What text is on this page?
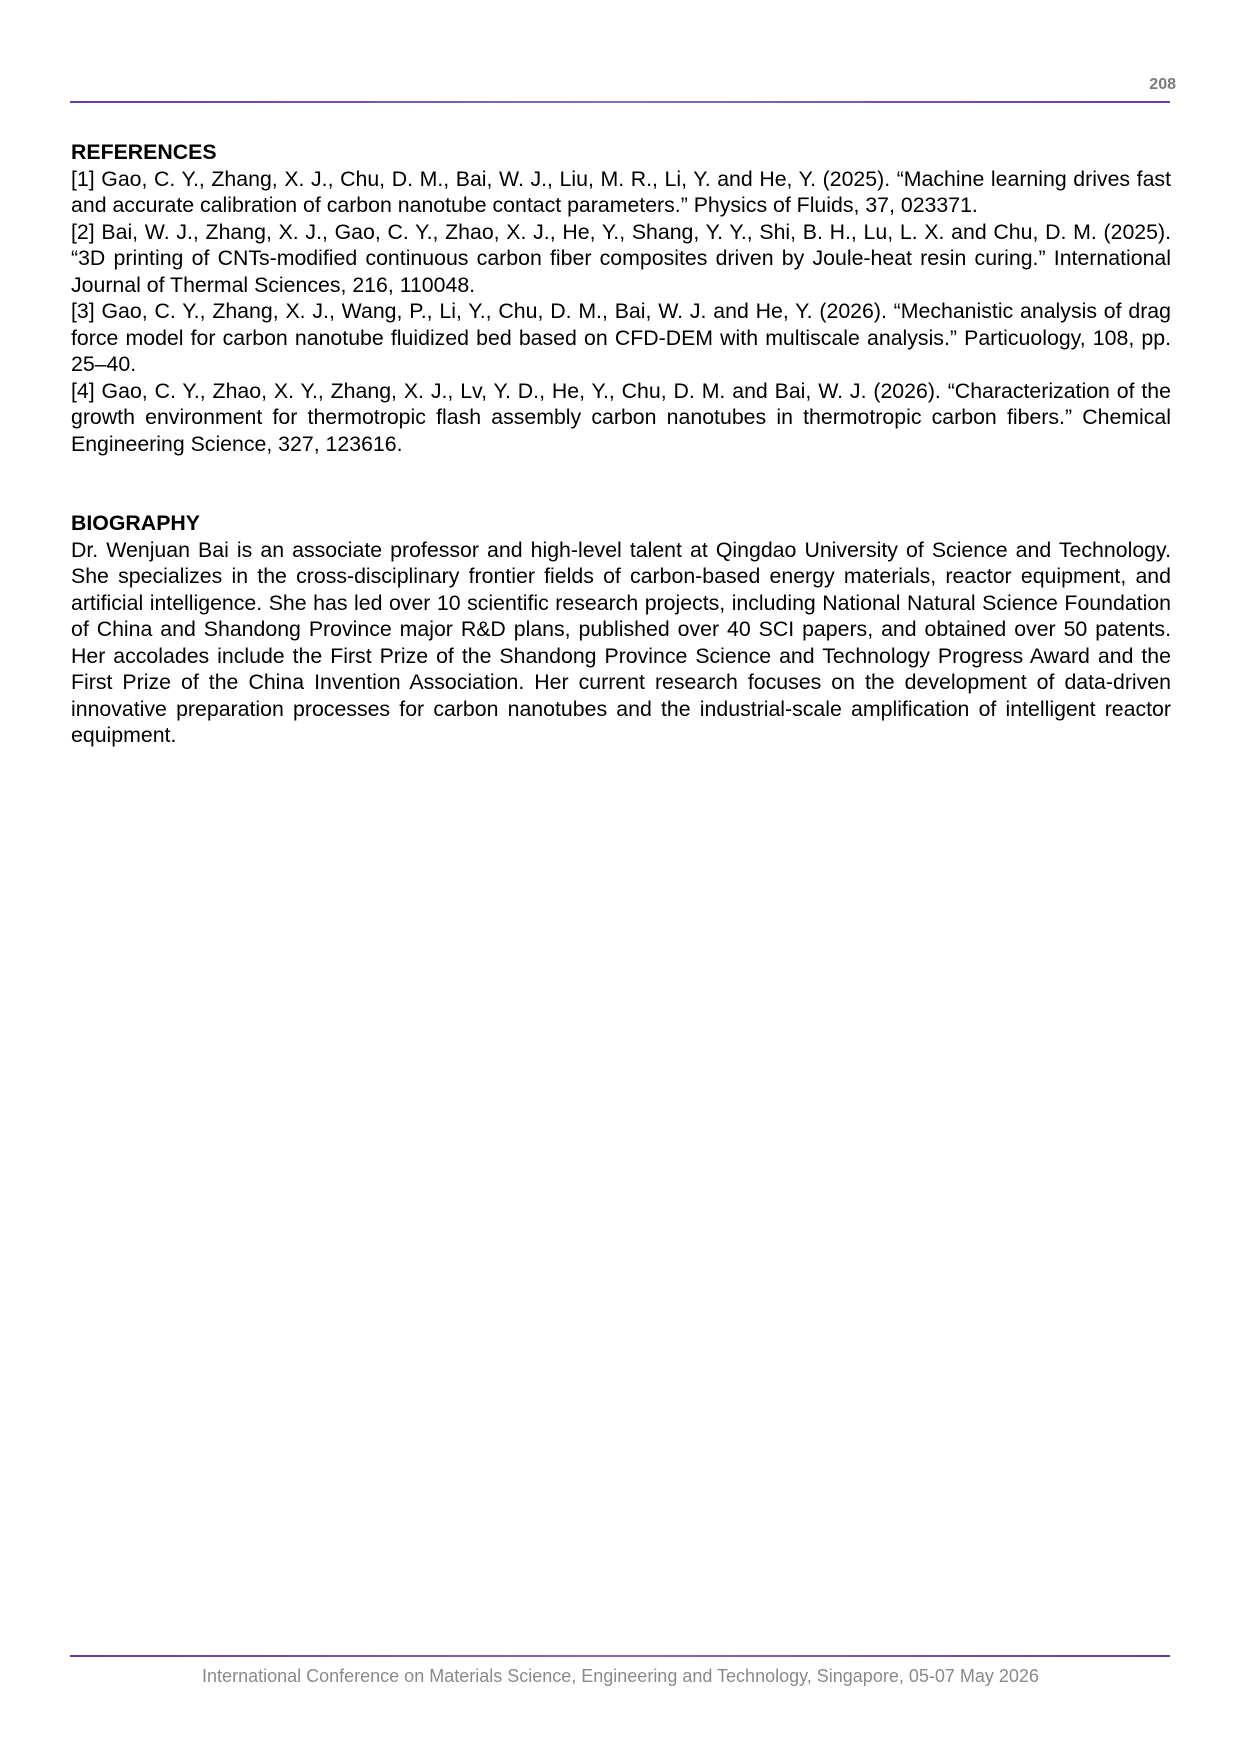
208
REFERENCES

[1] Gao, C. Y., Zhang, X. J., Chu, D. M., Bai, W. J., Liu, M. R., Li, Y. and He, Y. (2025). “Machine learning drives fast and accurate calibration of carbon nanotube contact parameters.” Physics of Fluids, 37, 023371.

[2] Bai, W. J., Zhang, X. J., Gao, C. Y., Zhao, X. J., He, Y., Shang, Y. Y., Shi, B. H., Lu, L. X. and Chu, D. M. (2025). “3D printing of CNTs-modified continuous carbon fiber composites driven by Joule-heat resin curing.” International Journal of Thermal Sciences, 216, 110048.

[3] Gao, C. Y., Zhang, X. J., Wang, P., Li, Y., Chu, D. M., Bai, W. J. and He, Y. (2026). “Mechanistic analysis of drag force model for carbon nanotube fluidized bed based on CFD-DEM with multiscale analysis.” Particuology, 108, pp. 25–40.

[4] Gao, C. Y., Zhao, X. Y., Zhang, X. J., Lv, Y. D., He, Y., Chu, D. M. and Bai, W. J. (2026). “Characterization of the growth environment for thermotropic flash assembly carbon nanotubes in thermotropic carbon fibers.” Chemical Engineering Science, 327, 123616.

BIOGRAPHY

Dr. Wenjuan Bai is an associate professor and high-level talent at Qingdao University of Science and Technology. She specializes in the cross-disciplinary frontier fields of carbon-based energy materials, reactor equipment, and artificial intelligence. She has led over 10 scientific research projects, including National Natural Science Foundation of China and Shandong Province major R&D plans, published over 40 SCI papers, and obtained over 50 patents. Her accolades include the First Prize of the Shandong Province Science and Technology Progress Award and the First Prize of the China Invention Association. Her current research focuses on the development of data-driven innovative preparation processes for carbon nanotubes and the industrial-scale amplification of intelligent reactor equipment.

International Conference on Materials Science, Engineering and Technology, Singapore, 05-07 May 2026
